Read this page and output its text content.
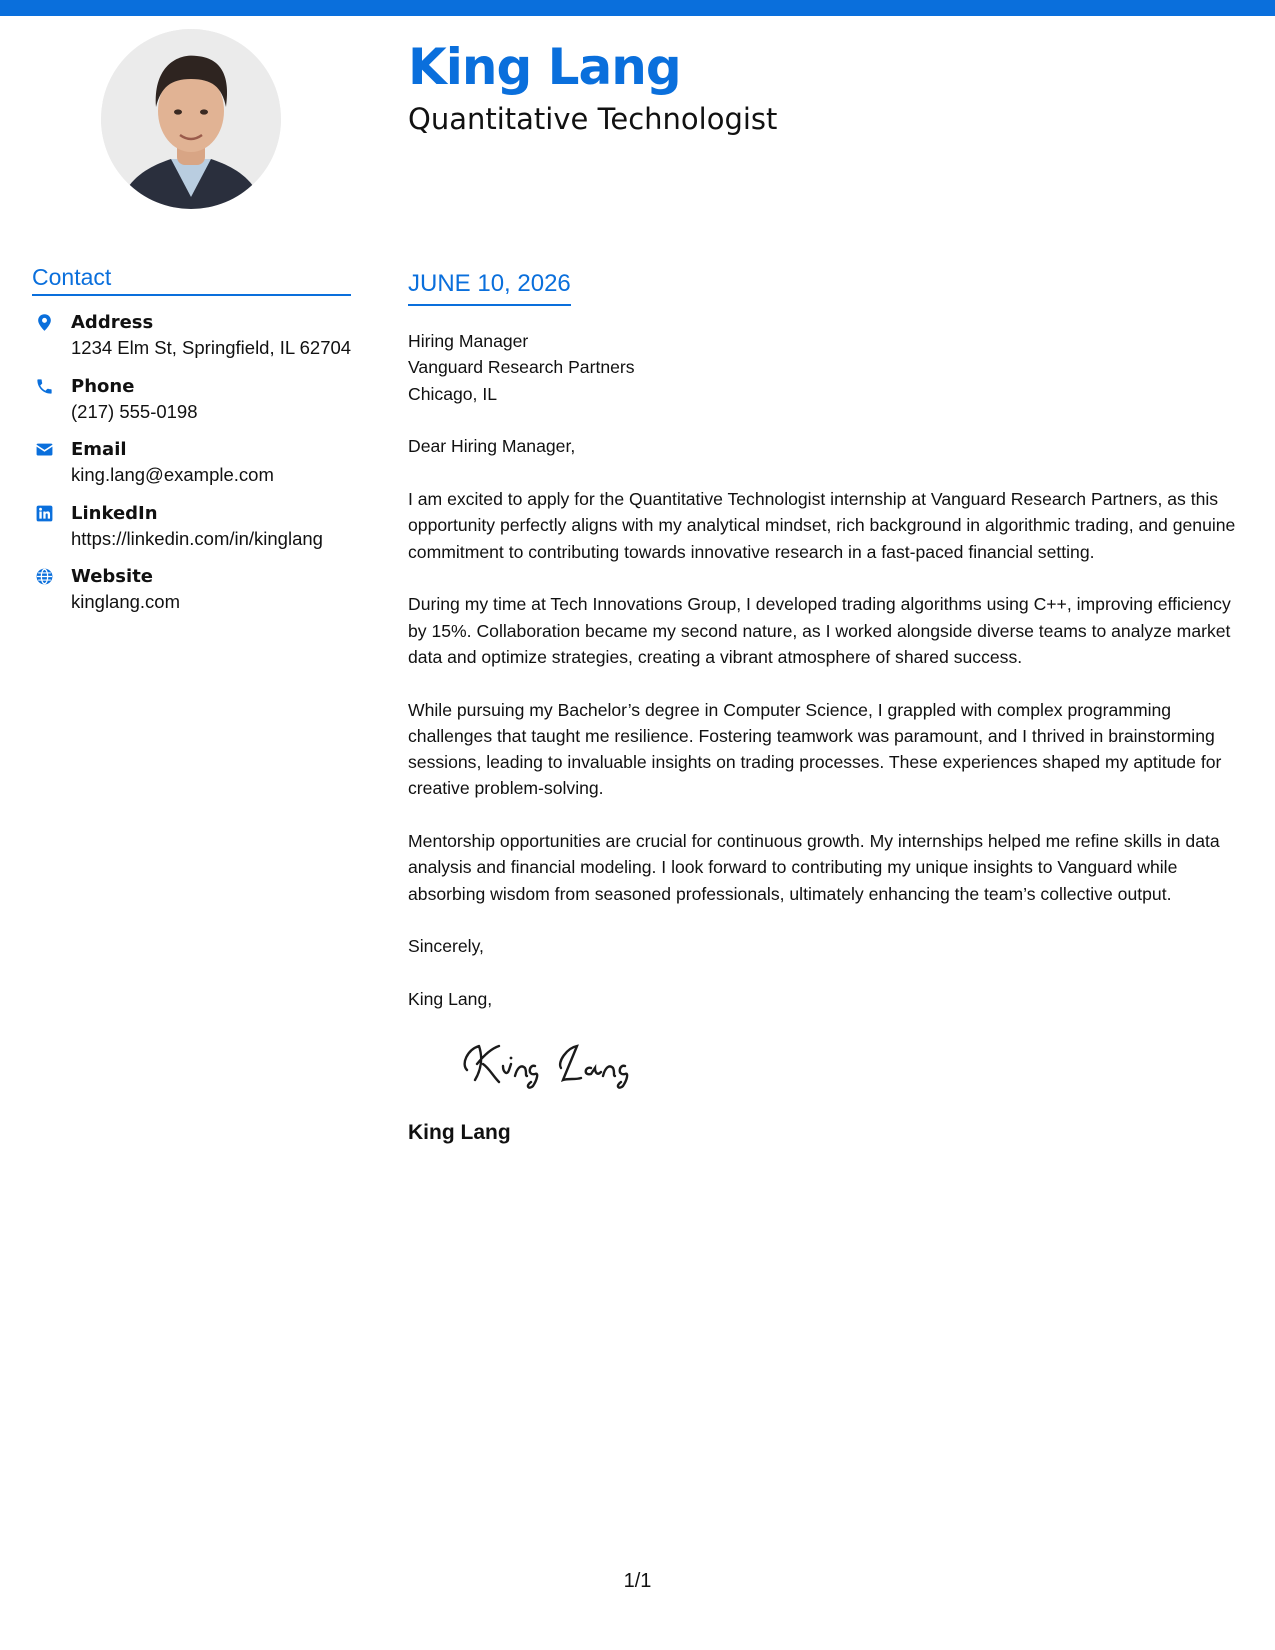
King Lang
Quantitative Technologist
Contact
Address
1234 Elm St, Springfield, IL 62704
Phone
(217) 555-0198
Email
king.lang@example.com
LinkedIn
https://linkedin.com/in/kinglang
Website
kinglang.com
JUNE 10, 2026
Hiring Manager
Vanguard Research Partners
Chicago, IL

Dear Hiring Manager,

I am excited to apply for the Quantitative Technologist internship at Vanguard Research Partners, as this opportunity perfectly aligns with my analytical mindset, rich background in algorithmic trading, and genuine commitment to contributing towards innovative research in a fast-paced financial setting.

During my time at Tech Innovations Group, I developed trading algorithms using C++, improving efficiency by 15%. Collaboration became my second nature, as I worked alongside diverse teams to analyze market data and optimize strategies, creating a vibrant atmosphere of shared success.

While pursuing my Bachelor’s degree in Computer Science, I grappled with complex programming challenges that taught me resilience. Fostering teamwork was paramount, and I thrived in brainstorming sessions, leading to invaluable insights on trading processes. These experiences shaped my aptitude for creative problem-solving.

Mentorship opportunities are crucial for continuous growth. My internships helped me refine skills in data analysis and financial modeling. I look forward to contributing my unique insights to Vanguard while absorbing wisdom from seasoned professionals, ultimately enhancing the team’s collective output.

Sincerely,

King Lang,
King Lang
1/1
